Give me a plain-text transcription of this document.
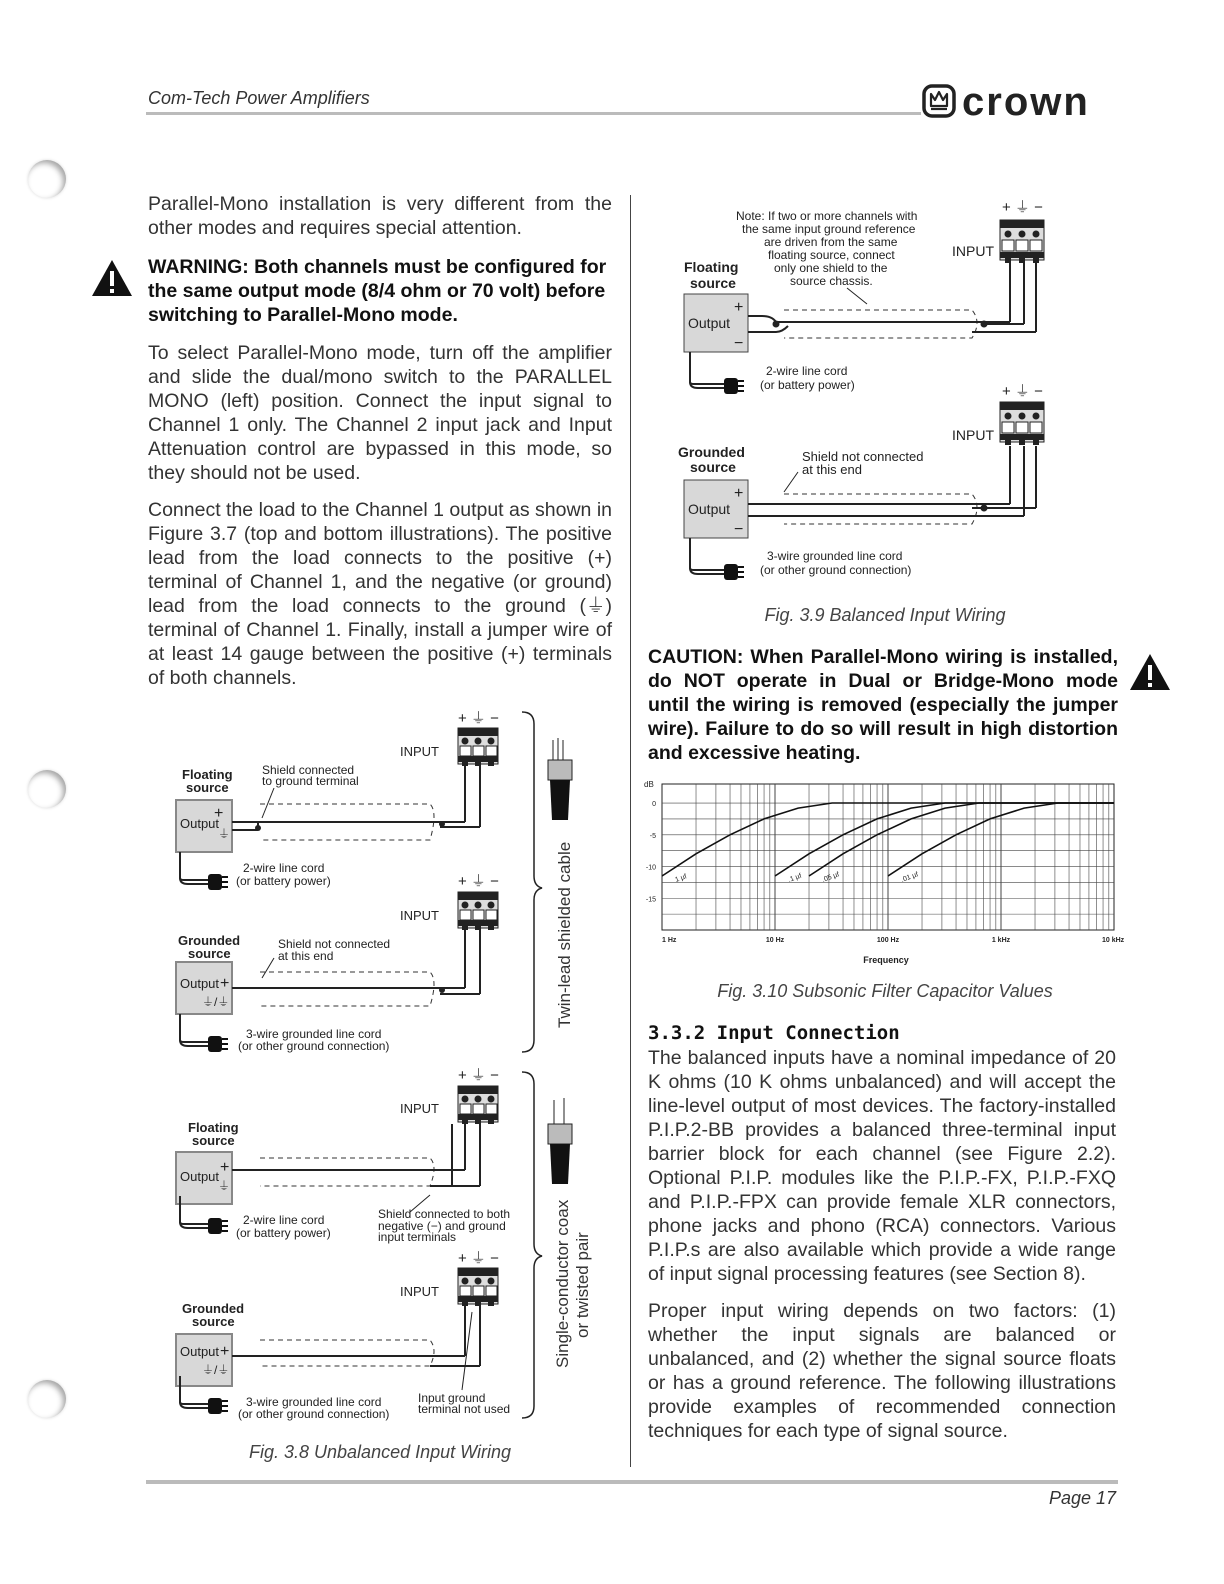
Com-Tech Power Amplifiers	crown

Parallel-Mono installation is very different from the other modes and requires special attention.

WARNING: Both channels must be configured for the same output mode (8/4 ohm or 70 volt) before switching to Parallel-Mono mode.

To select Parallel-Mono mode, turn off the amplifier and slide the dual/mono switch to the PARALLEL MONO (left) position. Connect the input signal to Channel 1 only. The Channel 2 input jack and Input Attenuation control are bypassed in this mode, so they should not be used.

Connect the load to the Channel 1 output as shown in Figure 3.7 (top and bottom illustrations). The positive lead from the load connects to the positive (+) terminal of Channel 1, and the negative (or ground) lead from the load connects to the ground (⏚) terminal of Channel 1. Finally, install a jumper wire of at least 14 gauge between the positive (+) terminals of both channels.

+ ⏚ −
INPUT
Floating
source
Shield connected
to ground terminal
Output
+
⏚
2-wire line cord
(or battery power)	+ ⏚ −
INPUT
Grounded
source
Shield not connected
at this end
Output +
⏚/⏚
3-wire grounded line cord
(or other ground connection)
+ ⏚ −
INPUT
Floating
source
Output
+
⏚
Shield connected to both
negative (−) and ground
input terminals
2-wire line cord
(or battery power)
+ ⏚ −
INPUT
Grounded
source
Output +
⏚/⏚
Input ground
terminal not used
3-wire grounded line cord
(or other ground connection)
Twin-lead shielded cable
Single-conductor coax or twisted pair
Fig. 3.8 Unbalanced Input Wiring
Note: If two or more channels with
the same input ground reference
are driven from the same
floating source, connect
only one shield to the
source chassis.
+ ⏚ −
INPUT
Floating
source
+
Output
−
2-wire line cord
(or battery power)	+ ⏚ −
INPUT
Grounded
source
Shield not connected
at this end
+
Output
−
3-wire grounded line cord
(or other ground connection)
Fig. 3.9 Balanced Input Wiring

CAUTION: When Parallel-Mono wiring is installed, do NOT operate in Dual or Bridge-Mono mode until the wiring is removed (especially the jumper wire). Failure to do so will result in high distortion and excessive heating.

dB
Frequency
0
-5
-10
-15
1 Hz	10 Hz	100 Hz	1 kHz	10 kHz
1 µf	.1 µf	.05 µf	.01 µf
Fig. 3.10 Subsonic Filter Capacitor Values
3.3.2 Input Connection

The balanced inputs have a nominal impedance of 20 K ohms (10 K ohms unbalanced) and will accept the line-level output of most devices. The factory-installed P.I.P.2-BB provides a balanced three-terminal input barrier block for each channel (see Figure 2.2). Optional P.I.P. modules like the P.I.P.-FX, P.I.P.-FXQ and P.I.P.-FPX can provide female XLR connectors, phone jacks and phono (RCA) connectors. Various P.I.P.s are also available which provide a wide range of input signal processing features (see Section 8).

Proper input wiring depends on two factors: (1) whether the input signals are balanced or unbalanced, and (2) whether the signal source floats or has a ground reference. The following illustrations provide examples of recommended connection techniques for each type of signal source.

Page 17
